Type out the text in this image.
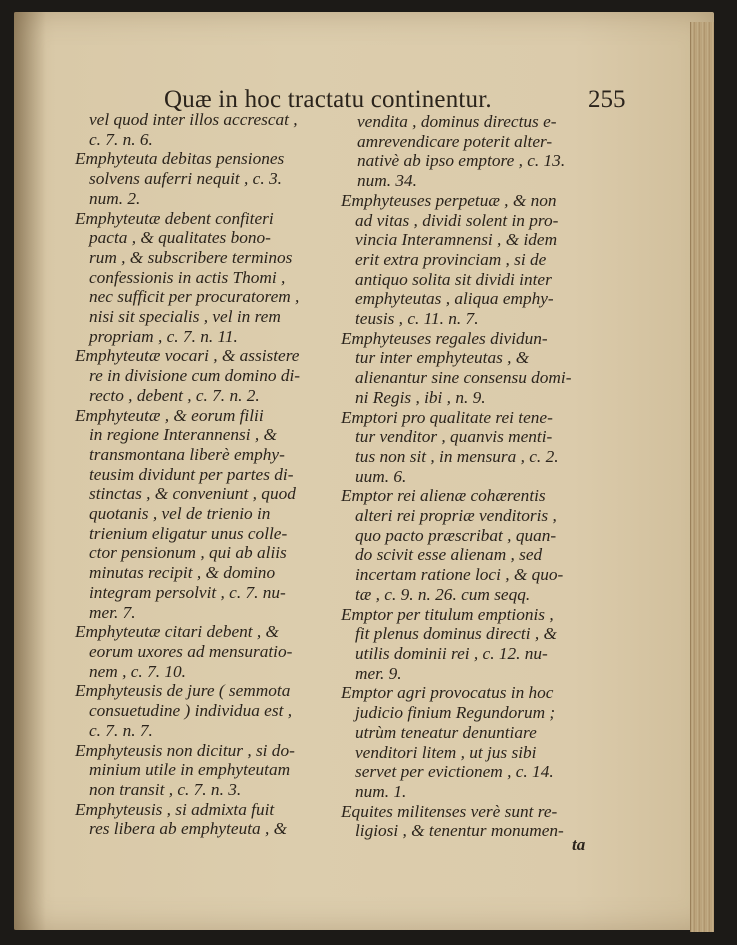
Quæ in hoc tractatu continentur.	255
vel quod inter illos accrescat ,
c. 7. n. 6.
Emphyteuta debitas pensiones
solvens auferri nequit , c. 3.
num. 2.
Emphyteutæ debent confiteri
pacta , & qualitates bono-
rum , & subscribere terminos
confessionis in actis Thomi ,
nec sufficit per procuratorem ,
nisi sit specialis , vel in rem
propriam , c. 7. n. 11.
Emphyteutæ vocari , & assistere
re in divisione cum domino di-
recto , debent , c. 7. n. 2.
Emphyteutæ , & eorum filii
in regione Interannensi , &
transmontana liberè emphy-
teusim dividunt per partes di-
stinctas , & conveniunt , quod
quotanis , vel de trienio in
trienium eligatur unus colle-
ctor pensionum , qui ab aliis
minutas recipit , & domino
integram persolvit , c. 7. nu-
mer. 7.
Emphyteutæ citari debent , &
eorum uxores ad mensuratio-
nem , c. 7. 10.
Emphyteusis de jure ( semmota
consuetudine ) individua est ,
c. 7. n. 7.
Emphyteusis non dicitur , si do-
minium utile in emphyteutam
non transit , c. 7. n. 3.
Emphyteusis , si admixta fuit
res libera ab emphyteuta , &
vendita , dominus directus e-
amrevendicare poterit alter-
nativè ab ipso emptore , c. 13.
num. 34.
Emphyteuses perpetuæ , & non
ad vitas , dividi solent in pro-
vincia Interamnensi , & idem
erit extra provinciam , si de
antiquo solita sit dividi inter
emphyteutas , aliqua emphy-
teusis , c. 11. n. 7.
Emphyteuses regales dividun-
tur inter emphyteutas , &
alienantur sine consensu domi-
ni Regis , ibi , n. 9.
Emptori pro qualitate rei tene-
tur venditor , quanvis menti-
tus non sit , in mensura , c. 2.
uum. 6.
Emptor rei alienæ cohærentis
alteri rei propriæ venditoris ,
quo pacto præscribat , quan-
do scivit esse alienam , sed
incertam ratione loci , & quo-
tæ , c. 9. n. 26. cum seqq.
Emptor per titulum emptionis ,
fit plenus dominus directi , &
utilis dominii rei , c. 12. nu-
mer. 9.
Emptor agri provocatus in hoc
judicio finium Regundorum ;
utrùm teneatur denuntiare
venditori litem , ut jus sibi
servet per evictionem , c. 14.
num. 1.
Equites militenses verè sunt re-
ligiosi , & tenentur monumen-
ta
